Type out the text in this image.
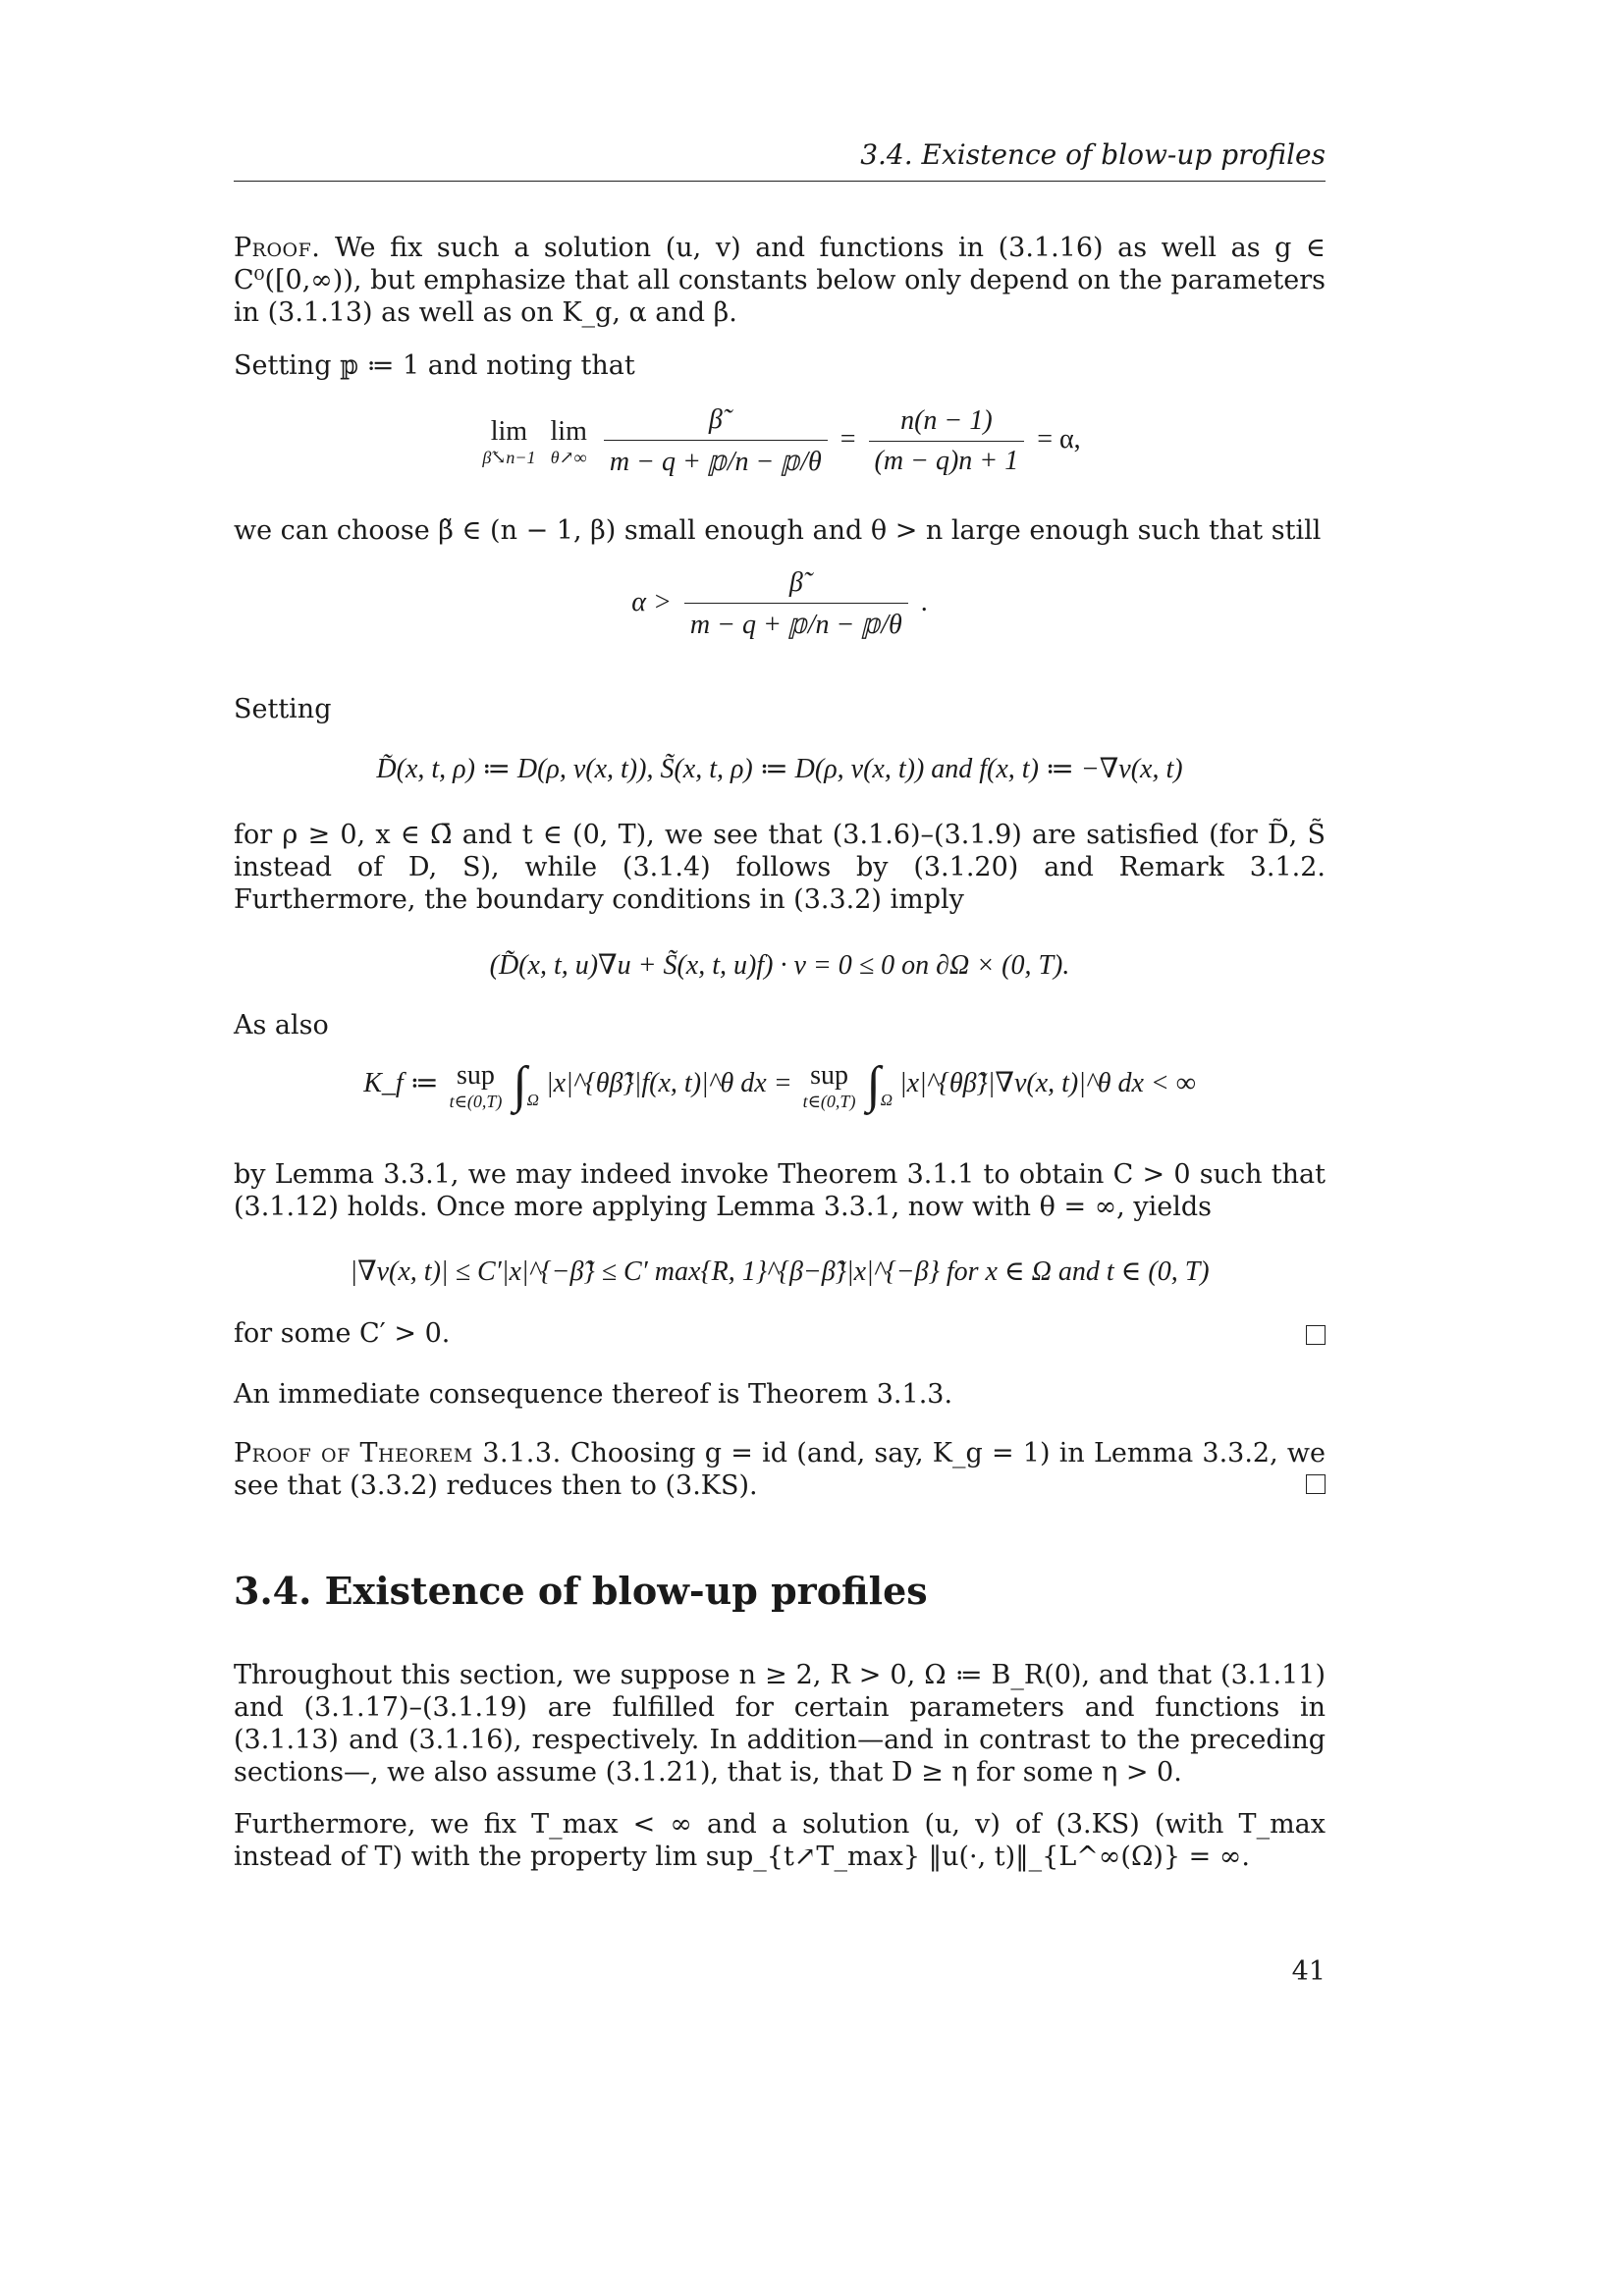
3.4. Existence of blow-up profiles

Proof. We fix such a solution (u, v) and functions in (3.1.16) as well as g ∈ C⁰([0,∞)), but emphasize that all constants below only depend on the parameters in (3.1.13) as well as on K_g, α and β.

Setting 𝕡 ≔ 1 and noting that

lim
β̃↘n−1

lim
θ↗∞
$\frac{\betã}{\text{m − q + 𝕡/n − 𝕡/θ}} = \frac{n(n - 1)}{(m - q)n + 1} = \alpha$,

we can choose β̃ ∈ (n − 1, β) small enough and θ > n large enough such that still

$\alpha > \frac{\betã}{\text{m − q + 𝕡/n − 𝕡/θ}}$ .

Setting

D̃(x, t, ρ) ≔ D(ρ, v(x, t)), S̃(x, t, ρ) ≔ D(ρ, v(x, t)) and f(x, t) ≔ −∇v(x, t)

for ρ ≥ 0, x ∈ Ω̄ and t ∈ (0, T), we see that (3.1.6)–(3.1.9) are satisfied (for D̃, S̃ instead of D, S), while (3.1.4) follows by (3.1.20) and Remark 3.1.2. Furthermore, the boundary conditions in (3.3.2) imply

(D̃(x, t, u)∇u + S̃(x, t, u)f) · ν = 0 ≤ 0 on ∂Ω × (0, T).

As also

K_f ≔ sup
t∈(0,T) $\int_\Omega$ |x|^{θβ̃}|f(x, t)|^θ dx = sup
t∈(0,T) $\int_\Omega$ |x|^{θβ̃}|∇v(x, t)|^θ dx < ∞

by Lemma 3.3.1, we may indeed invoke Theorem 3.1.1 to obtain C > 0 such that (3.1.12) holds. Once more applying Lemma 3.3.1, now with θ = ∞, yields

|∇v(x, t)| ≤ C′|x|^{−β̃} ≤ C′ max{R, 1}^{β−β̃}|x|^{−β} for x ∈ Ω and t ∈ (0, T)

for some C′ > 0.

An immediate consequence thereof is Theorem 3.1.3.

Proof of Theorem 3.1.3. Choosing g = id (and, say, K_g = 1) in Lemma 3.3.2, we see that (3.3.2) reduces then to (3.KS).

3.4. Existence of blow-up profiles

Throughout this section, we suppose n ≥ 2, R > 0, Ω ≔ B_R(0), and that (3.1.11) and (3.1.17)–(3.1.19) are fulfilled for certain parameters and functions in (3.1.13) and (3.1.16), respectively. In addition—and in contrast to the preceding sections—, we also assume (3.1.21), that is, that D ≥ η for some η > 0.

Furthermore, we fix T_max < ∞ and a solution (u, v) of (3.KS) (with T_max instead of T) with the property lim sup_{t↗T_max} ‖u(·, t)‖_{L^∞(Ω)} = ∞.

41
